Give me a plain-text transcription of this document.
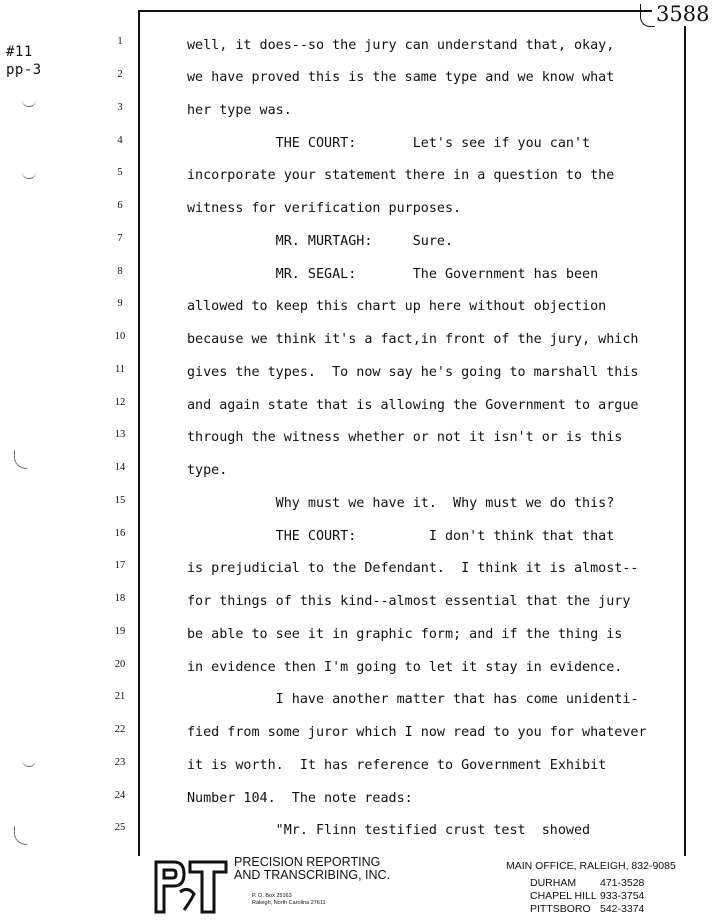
#11
pp-3
3588
1
2
3
4
5
6
7
8
9
10
11
12
13
14
15
16
17
18
19
20
21
22
23
24
25
well, it does--so the jury can understand that, okay,
we have proved this is the same type and we know what
her type was.
THE COURT:       Let's see if you can't
incorporate your statement there in a question to the
witness for verification purposes.
MR. MURTAGH:     Sure.
MR. SEGAL:       The Government has been
allowed to keep this chart up here without objection
because we think it's a fact,in front of the jury, which
gives the types.  To now say he's going to marshall this
and again state that is allowing the Government to argue
through the witness whether or not it isn't or is this
type.
Why must we have it.  Why must we do this?
THE COURT:         I don't think that that
is prejudicial to the Defendant.  I think it is almost--
for things of this kind--almost essential that the jury
be able to see it in graphic form; and if the thing is
in evidence then I'm going to let it stay in evidence.
I have another matter that has come unidenti-
fied from some juror which I now read to you for whatever
it is worth.  It has reference to Government Exhibit
Number 104.  The note reads:
"Mr. Flinn testified crust test  showed
PRECISION REPORTING
AND TRANSCRIBING, INC.
P. O. Box 25163
Raleigh, North Carolina 27611
MAIN OFFICE, RALEIGH, 832-9085
DURHAM 471-3528
CHAPEL HILL 933-3754
PITTSBORO 542-3374
